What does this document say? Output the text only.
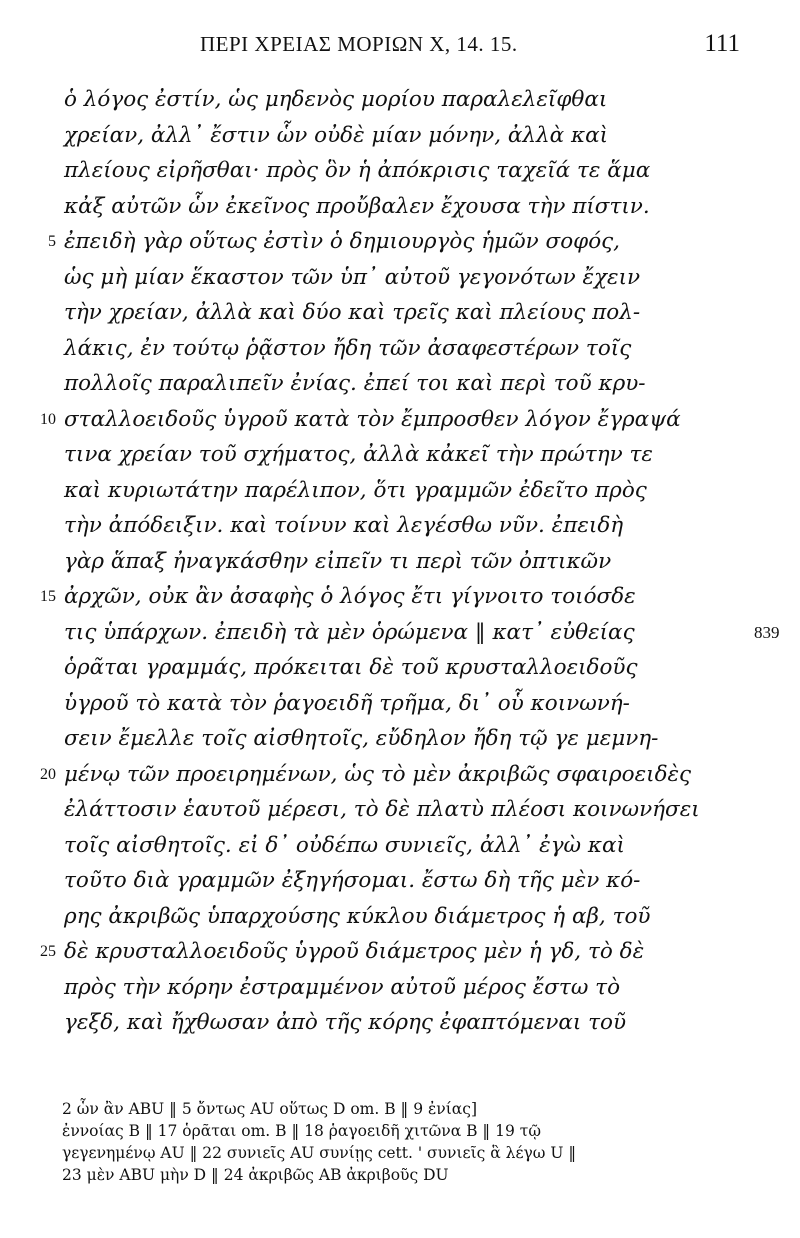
ΠΕΡΙ ΧΡΕΙΑΣ ΜΟΡΙΩΝ X, 14. 15.	111
ὁ λόγος ἐστίν, ὡς μηδενὸς μορίου παραλελεῖφθαι
χρείαν, ἀλλ᾽ ἔστιν ὧν οὐδὲ μίαν μόνην, ἀλλὰ καὶ
πλείους εἰρῆσθαι· πρὸς ὃν ἡ ἀπόκρισις ταχεῖά τε ἅμα
κἀξ αὐτῶν ὧν ἐκεῖνος προὔβαλεν ἔχουσα τὴν πίστιν.
5 ἐπειδὴ γὰρ οὕτως ἐστὶν ὁ δημιουργὸς ἡμῶν σοφός,
ὡς μὴ μίαν ἕκαστον τῶν ὑπ᾽ αὐτοῦ γεγονότων ἔχειν
τὴν χρείαν, ἀλλὰ καὶ δύο καὶ τρεῖς καὶ πλείους πολ-
λάκις, ἐν τούτῳ ῥᾷστον ἤδη τῶν ἀσαφεστέρων τοῖς
πολλοῖς παραλιπεῖν ἐνίας. ἐπεί τοι καὶ περὶ τοῦ κρυ-
10 σταλλοειδοῦς ὑγροῦ κατὰ τὸν ἔμπροσθεν λόγον ἔγραψά
τινα χρείαν τοῦ σχήματος, ἀλλὰ κἀκεῖ τὴν πρώτην τε
καὶ κυριωτάτην παρέλιπον, ὅτι γραμμῶν ἐδεῖτο πρὸς
τὴν ἀπόδειξιν. καὶ τοίνυν καὶ λεγέσθω νῦν. ἐπειδὴ
γὰρ ἅπαξ ἠναγκάσθην εἰπεῖν τι περὶ τῶν ὀπτικῶν
15 ἀρχῶν, οὐκ ἂν ἀσαφὴς ὁ λόγος ἔτι γίγνοιτο τοιόσδε
τις ὑπάρχων. ἐπειδὴ τὰ μὲν ὁρώμενα ‖ κατ᾽ εὐθείας	839
ὁρᾶται γραμμάς, πρόκειται δὲ τοῦ κρυσταλλοειδοῦς
ὑγροῦ τὸ κατὰ τὸν ῥαγοειδῆ τρῆμα, δι᾽ οὗ κοινωνή-
σειν ἔμελλε τοῖς αἰσθητοῖς, εὔδηλον ἤδη τῷ γε μεμνη-
20 μένῳ τῶν προειρημένων, ὡς τὸ μὲν ἀκριβῶς σφαιροειδὲς
ἐλάττοσιν ἑαυτοῦ μέρεσι, τὸ δὲ πλατὺ πλέοσι κοινωνήσει
τοῖς αἰσθητοῖς. εἰ δ᾽ οὐδέπω συνιεῖς, ἀλλ᾽ ἐγὼ καὶ
τοῦτο διὰ γραμμῶν ἐξηγήσομαι. ἔστω δὴ τῆς μὲν κό-
ρης ἀκριβῶς ὑπαρχούσης κύκλου διάμετρος ἡ αβ, τοῦ
25 δὲ κρυσταλλοειδοῦς ὑγροῦ διάμετρος μὲν ἡ γδ, τὸ δὲ
πρὸς τὴν κόρην ἐστραμμένον αὐτοῦ μέρος ἔστω τὸ
γεξδ, καὶ ἤχθωσαν ἀπὸ τῆς κόρης ἐφαπτόμεναι τοῦ
2 ὧν ἂν ABU ‖ 5 ὄντως AU οὕτως D om. B ‖ 9 ἐνίας]
ἐννοίας B ‖ 17 ὁρᾶται om. B ‖ 18 ῥαγοειδῆ χιτῶνα B ‖ 19 τῷ
γεγενημένῳ AU ‖ 22 συνιεῖς AU συνίῃς cett. ' συνιεῖς ἃ λέγω U ‖
23 μὲν ABU μὴν D ‖ 24 ἀκριβῶς AB ἀκριβοῦς DU
